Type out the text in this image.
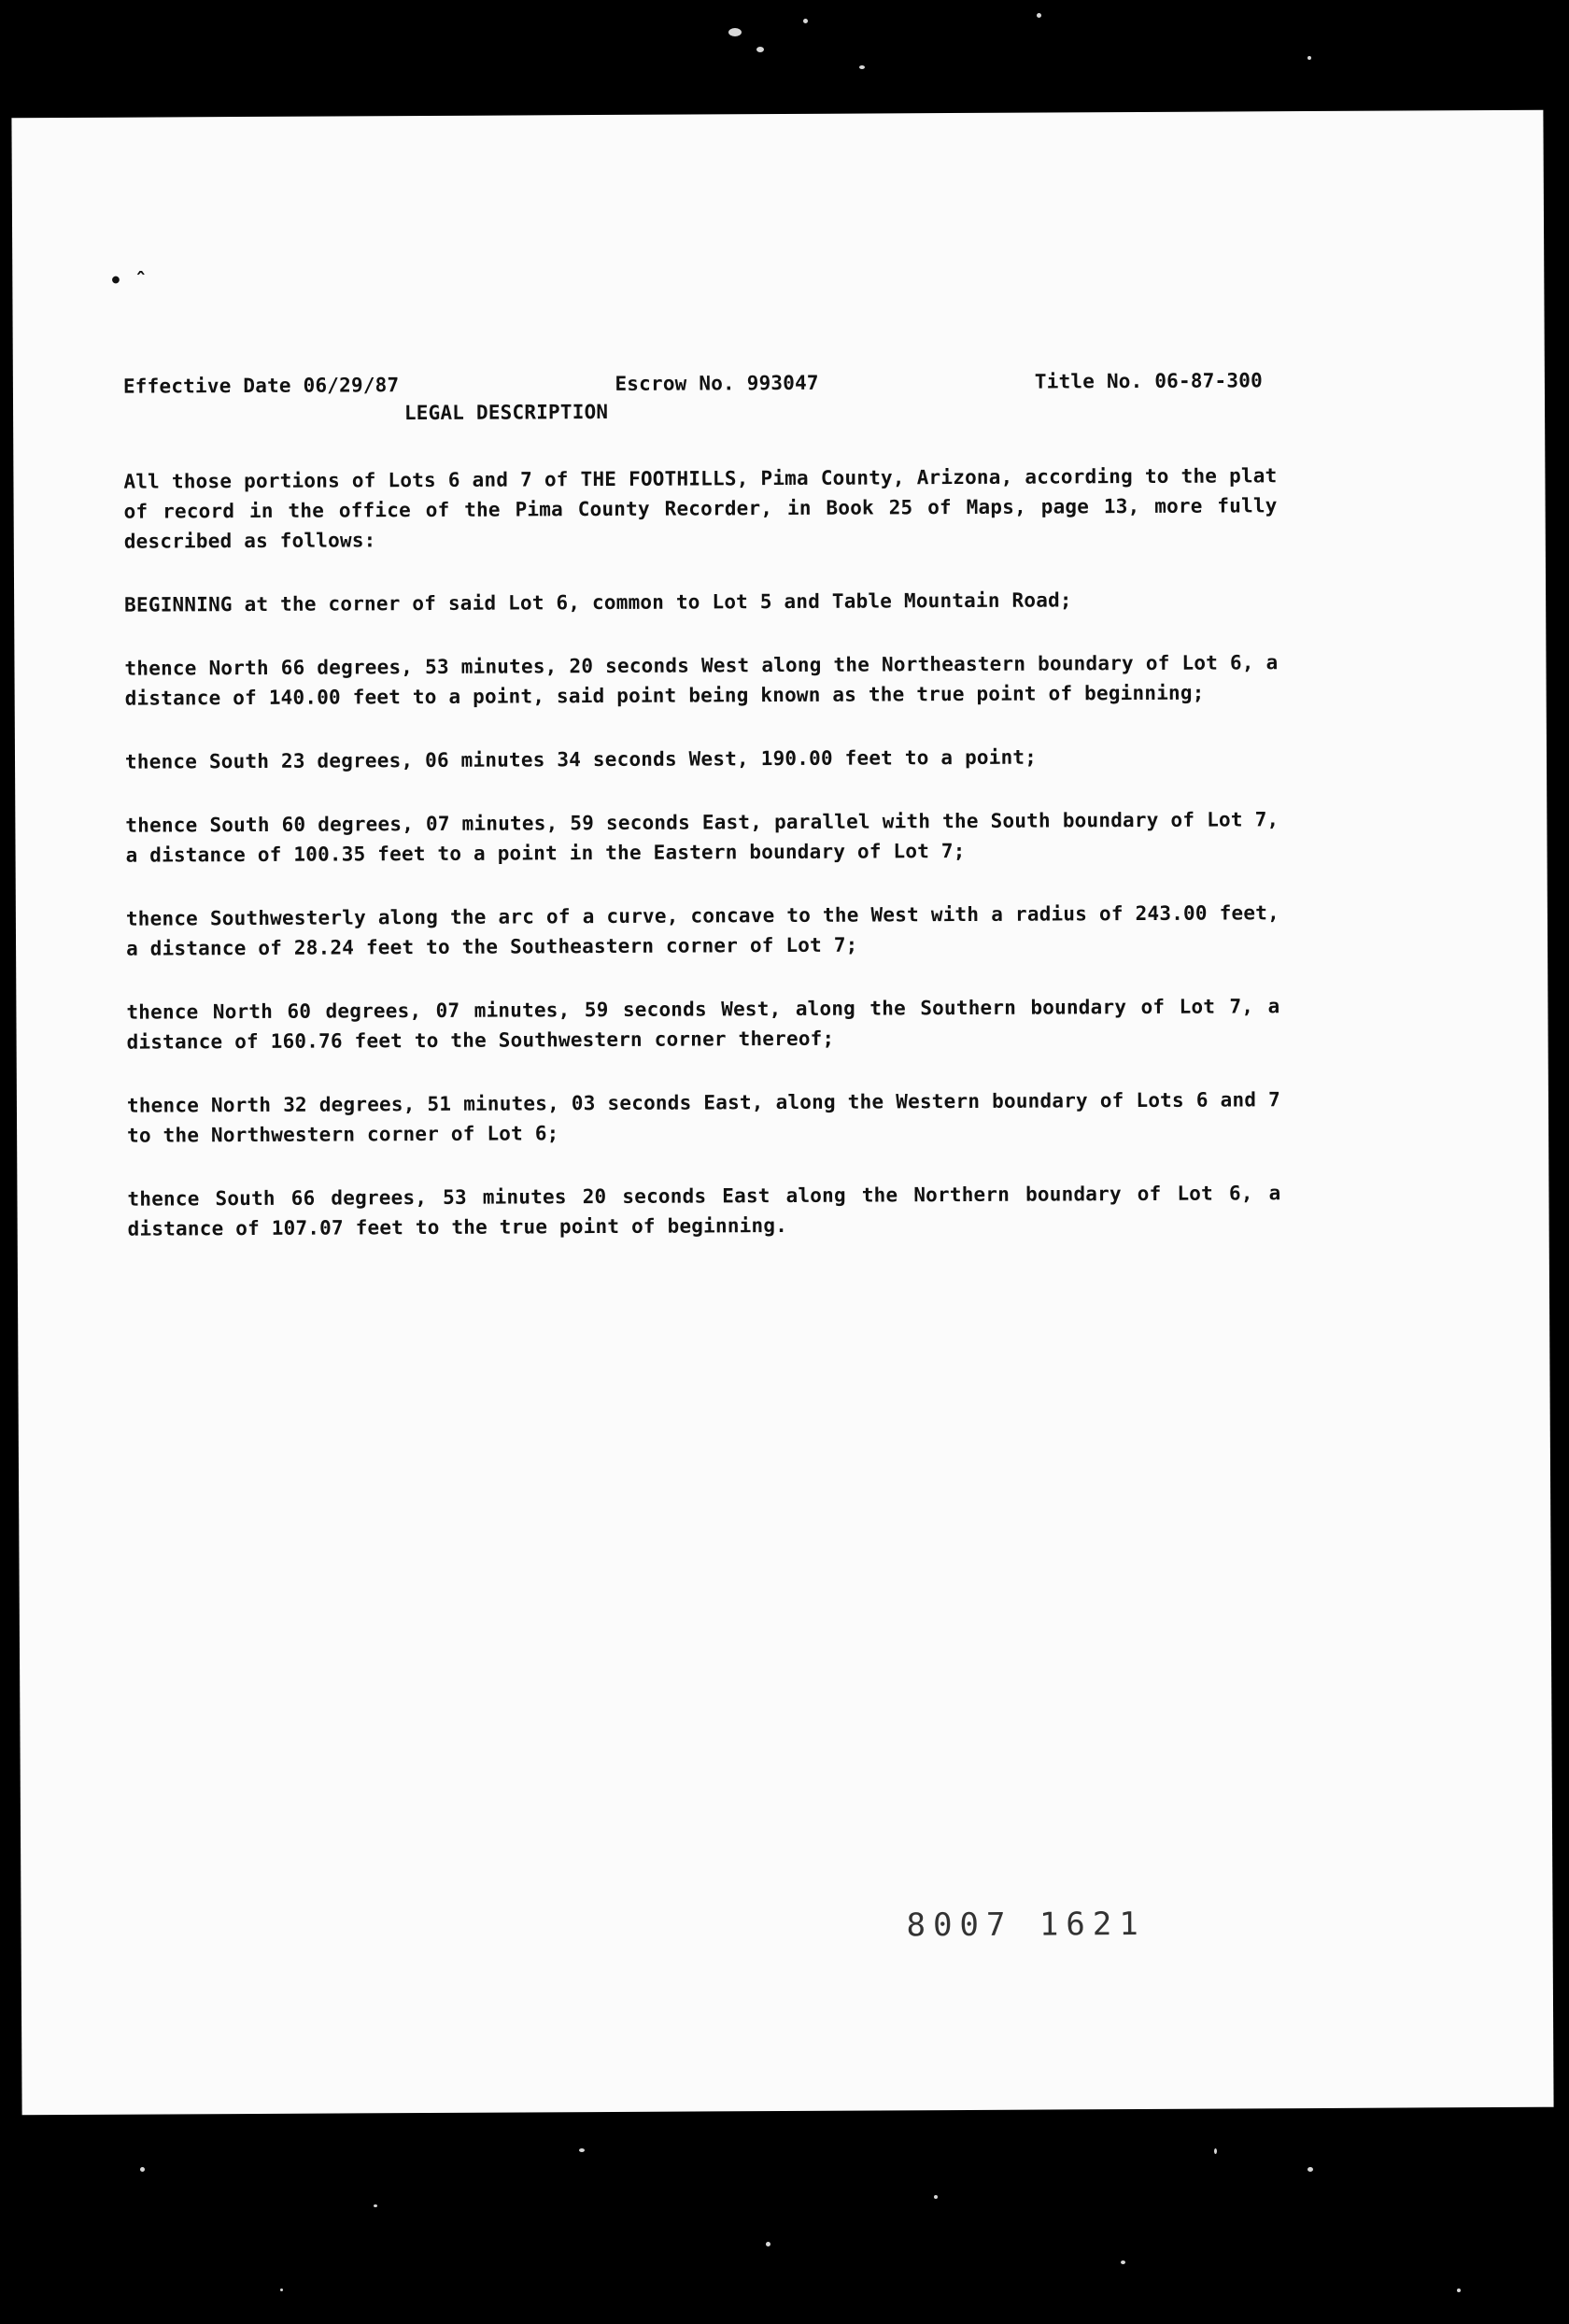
• ˆ
Effective Date 06/29/87	Escrow No. 993047	Title No. 06-87-300
LEGAL DESCRIPTION

All those portions of Lots 6 and 7 of THE FOOTHILLS, Pima County, Arizona, according to the plat of record in the office of the Pima County Recorder, in Book 25 of Maps, page 13, more fully described as follows:

BEGINNING at the corner of said Lot 6, common to Lot 5 and Table Mountain Road;

thence North 66 degrees, 53 minutes, 20 seconds West along the Northeastern boundary of Lot 6, a distance of 140.00 feet to a point, said point being known as the true point of beginning;

thence South 23 degrees, 06 minutes 34 seconds West, 190.00 feet to a point;

thence South 60 degrees, 07 minutes, 59 seconds East, parallel with the South boundary of Lot 7, a distance of 100.35 feet to a point in the Eastern boundary of Lot 7;

thence Southwesterly along the arc of a curve, concave to the West with a radius of 243.00 feet, a distance of 28.24 feet to the Southeastern corner of Lot 7;

thence North 60 degrees, 07 minutes, 59 seconds West, along the Southern boundary of Lot 7, a distance of 160.76 feet to the Southwestern corner thereof;

thence North 32 degrees, 51 minutes, 03 seconds East, along the Western boundary of Lots 6 and 7 to the Northwestern corner of Lot 6;

thence South 66 degrees, 53 minutes 20 seconds East along the Northern boundary of Lot 6, a distance of 107.07 feet to the true point of beginning.

8007 1621
